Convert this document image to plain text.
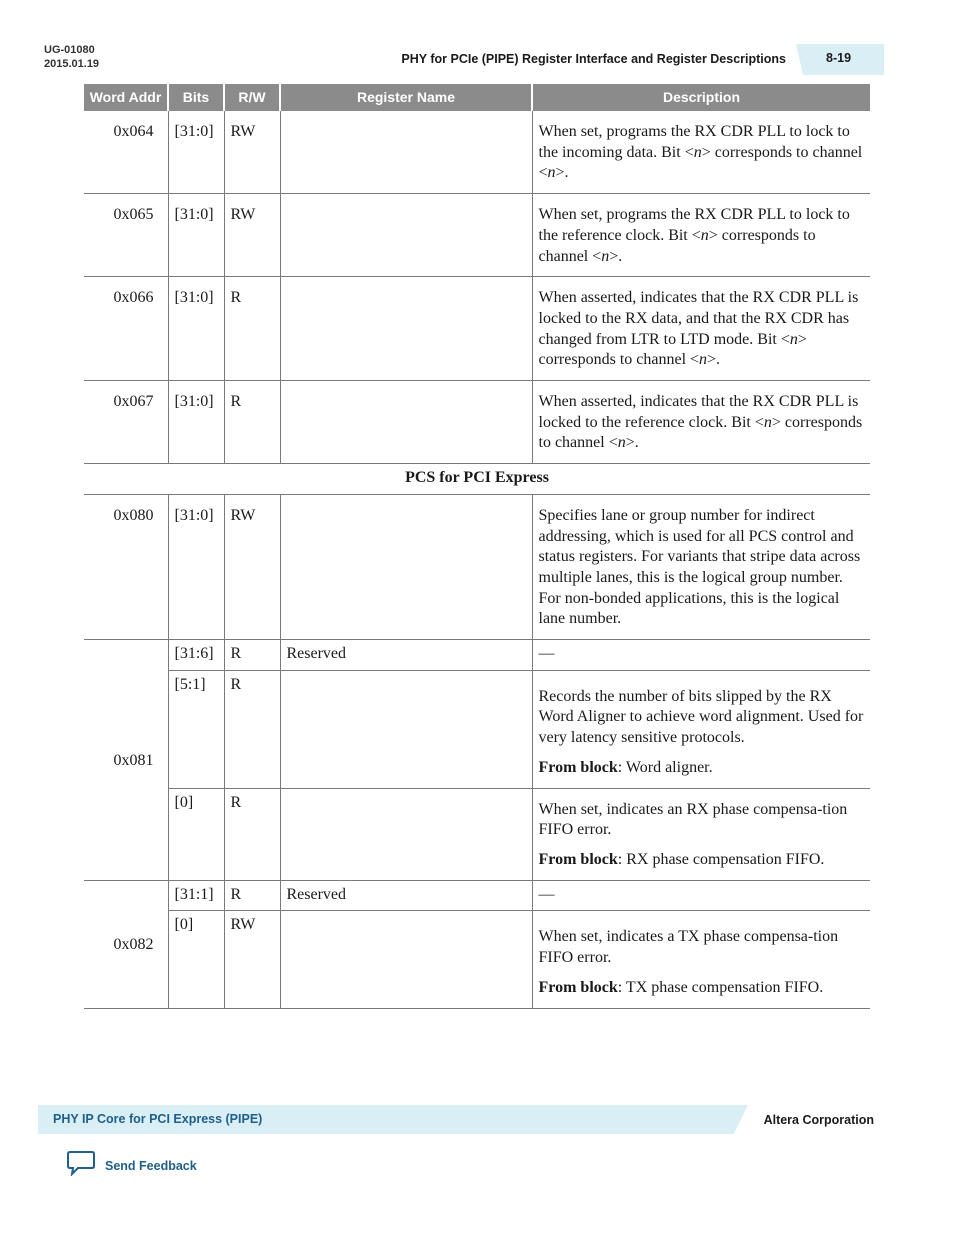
UG-01080
2015.01.19	PHY for PCIe (PIPE) Register Interface and Register Descriptions	8-19
Word Addr	Bits	R/W	Register Name	Description
0x064	[31:0]	RW		When set, programs the RX CDR PLL to lock to the incoming data. Bit <n> corresponds to channel <n>.
0x065	[31:0]	RW		When set, programs the RX CDR PLL to lock to the reference clock. Bit <n> corresponds to channel <n>.
0x066	[31:0]	R		When asserted, indicates that the RX CDR PLL is locked to the RX data, and that the RX CDR has changed from LTR to LTD mode. Bit <n> corresponds to channel <n>.
0x067	[31:0]	R		When asserted, indicates that the RX CDR PLL is locked to the reference clock. Bit <n> corresponds to channel <n>.
PCS for PCI Express				
0x080	[31:0]	RW		Specifies lane or group number for indirect addressing, which is used for all PCS control and status registers. For variants that stripe data across multiple lanes, this is the logical group number. For non-bonded applications, this is the logical lane number.
0x081	[31:6]	R	Reserved	—
	[5:1]	R		Records the number of bits slipped by the RX Word Aligner to achieve word alignment. Used for very latency sensitive protocols.

From block: Word aligner.

	[0]	R		When set, indicates an RX phase compensa-tion FIFO error.

From block: RX phase compensation FIFO.

0x082	[31:1]	R	Reserved	—
	[0]	RW		When set, indicates a TX phase compensa-tion FIFO error.

From block: TX phase compensation FIFO.

PHY IP Core for PCI Express (PIPE)	Altera Corporation
Send Feedback
